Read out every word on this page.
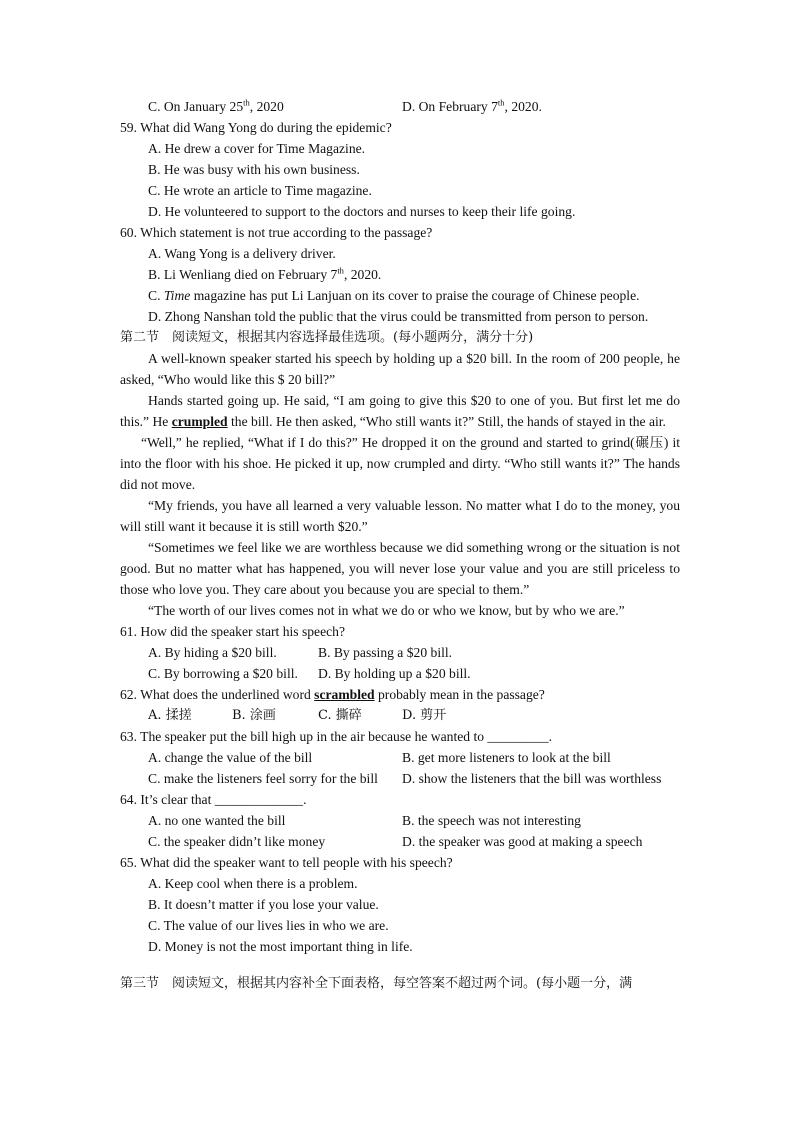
C. On January 25th, 2020	D. On February 7th, 2020.
59. What did Wang Yong do during the epidemic?
A. He drew a cover for Time Magazine.
B. He was busy with his own business.
C. He wrote an article to Time magazine.
D. He volunteered to support to the doctors and nurses to keep their life going.
60. Which statement is not true according to the passage?
A. Wang Yong is a delivery driver.
B. Li Wenliang died on February 7th, 2020.
C. Time magazine has put Li Lanjuan on its cover to praise the courage of Chinese people.
D. Zhong Nanshan told the public that the virus could be transmitted from person to person.
第二节　阅读短文，根据其内容选择最佳选项。(每小题两分，满分十分)
A well-known speaker started his speech by holding up a $20 bill. In the room of 200 people, he asked, “Who would like this $ 20 bill?”
Hands started going up. He said, “I am going to give this $20 to one of you. But first let me do this.” He crumpled the bill. He then asked, “Who still wants it?” Still, the hands of stayed in the air.
“Well,” he replied, “What if I do this?” He dropped it on the ground and started to grind(碾压) it into the floor with his shoe. He picked it up, now crumpled and dirty. “Who still wants it?” The hands did not move.
“My friends, you have all learned a very valuable lesson. No matter what I do to the money, you will still want it because it is still worth $20.”
“Sometimes we feel like we are worthless because we did something wrong or the situation is not good. But no matter what has happened, you will never lose your value and you are still priceless to those who love you. They care about you because you are special to them.”
“The worth of our lives comes not in what we do or who we know, but by who we are.”
61. How did the speaker start his speech?
A. By hiding a $20 bill.	B. By passing a $20 bill.
C. By borrowing a $20 bill. D. By holding up a $20 bill.
62. What does the underlined word scrambled probably mean in the passage?
A. 揉搓	B. 涂画	C. 撕碎	D. 剪开
63. The speaker put the bill high up in the air because he wanted to _________.
A. change the value of the bill	B. get more listeners to look at the bill
C. make the listeners feel sorry for the bill D. show the listeners that the bill was worthless
64. It’s clear that _____________.
A. no one wanted the bill	B. the speech was not interesting
C. the speaker didn’t like money	D. the speaker was good at making a speech
65. What did the speaker want to tell people with his speech?
A. Keep cool when there is a problem.
B. It doesn’t matter if you lose your value.
C. The value of our lives lies in who we are.
D. Money is not the most important thing in life.
第三节　阅读短文，根据其内容补全下面表格，每空答案不超过两个词。(每小题一分，满
